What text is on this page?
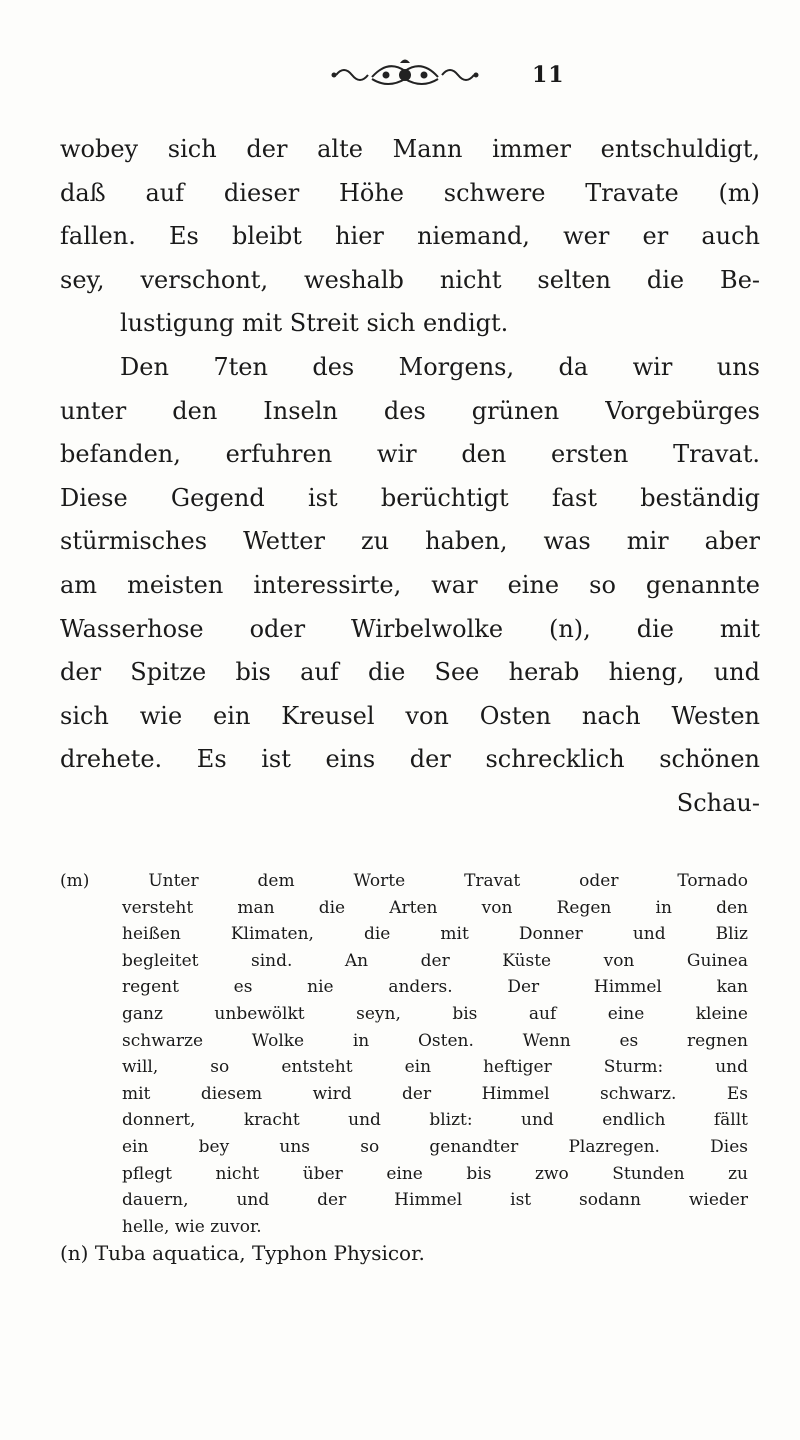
11
wobey sich der alte Mann immer entschuldigt,
daß auf dieser Höhe schwere Travate (m)
fallen. Es bleibt hier niemand, wer er auch
sey, verschont, weshalb nicht selten die Be-
lustigung mit Streit sich endigt.
Den 7ten des Morgens, da wir uns
unter den Inseln des grünen Vorgebürges
befanden, erfuhren wir den ersten Travat.
Diese Gegend ist berüchtigt fast beständig
stürmisches Wetter zu haben, was mir aber
am meisten interessirte, war eine so genannte
Wasserhose oder Wirbelwolke (n), die mit
der Spitze bis auf die See herab hieng, und
sich wie ein Kreusel von Osten nach Westen
drehete. Es ist eins der schrecklich schönen
Schau-
(m) Unter dem Worte Travat oder Tornado
versteht man die Arten von Regen in den
heißen Klimaten, die mit Donner und Bliz
begleitet sind. An der Küste von Guinea
regent es nie anders. Der Himmel kan
ganz unbewölkt seyn, bis auf eine kleine
schwarze Wolke in Osten. Wenn es regnen
will, so entsteht ein heftiger Sturm: und
mit diesem wird der Himmel schwarz. Es
donnert, kracht und blizt: und endlich fällt
ein bey uns so genandter Plazregen. Dies
pflegt nicht über eine bis zwo Stunden zu
dauern, und der Himmel ist sodann wieder
helle, wie zuvor.
(n) Tuba aquatica, Typhon Physicor.
